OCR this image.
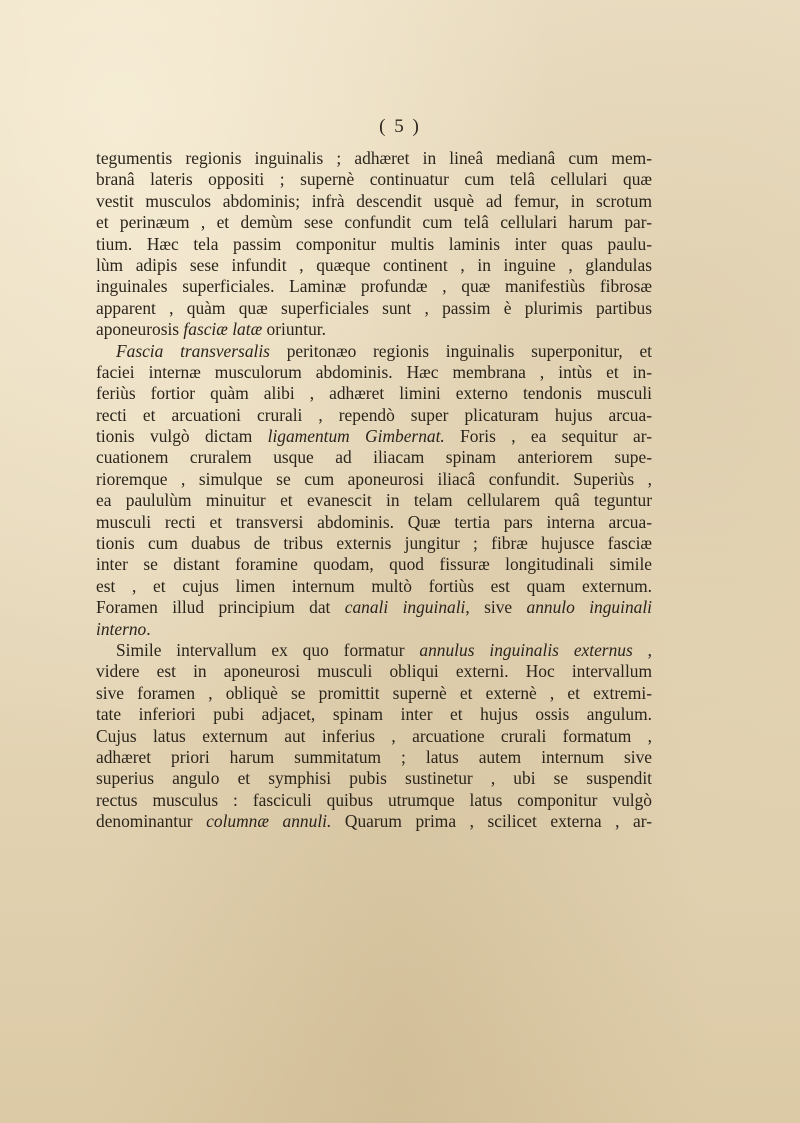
( 5 )
tegumentis regionis inguinalis ; adhæret in lineâ medianâ cum mem-
branâ lateris oppositi ; supernè continuatur cum telâ cellulari quæ
vestit musculos abdominis; infrà descendit usquè ad femur, in scrotum
et perinæum , et demùm sese confundit cum telâ cellulari harum par-
tium. Hæc tela passim componitur multis laminis inter quas paulu-
lùm adipis sese infundit , quæque continent , in inguine , glandulas
inguinales superficiales. Laminæ profundæ , quæ manifestiùs fibrosæ
apparent , quàm quæ superficiales sunt , passim è plurimis partibus
aponeurosis fasciæ latæ oriuntur.
Fascia transversalis peritonæo regionis inguinalis superponitur, et
faciei internæ musculorum abdominis. Hæc membrana , intùs et in-
feriùs fortior quàm alibi , adhæret limini externo tendonis musculi
recti et arcuationi crurali , rependò super plicaturam hujus arcua-
tionis vulgò dictam ligamentum Gimbernat. Foris , ea sequitur ar-
cuationem cruralem usque ad iliacam spinam anteriorem supe-
rioremque , simulque se cum aponeurosi iliacâ confundit. Superiùs ,
ea paululùm minuitur et evanescit in telam cellularem quâ teguntur
musculi recti et transversi abdominis. Quæ tertia pars interna arcua-
tionis cum duabus de tribus externis jungitur ; fibræ hujusce fasciæ
inter se distant foramine quodam, quod fissuræ longitudinali simile
est , et cujus limen internum multò fortiùs est quam externum.
Foramen illud principium dat canali inguinali, sive annulo inguinali
interno.
Simile intervallum ex quo formatur annulus inguinalis externus ,
videre est in aponeurosi musculi obliqui externi. Hoc intervallum
sive foramen , obliquè se promittit supernè et externè , et extremi-
tate inferiori pubi adjacet, spinam inter et hujus ossis angulum.
Cujus latus externum aut inferius , arcuatione crurali formatum ,
adhæret priori harum summitatum ; latus autem internum sive
superius angulo et symphisi pubis sustinetur , ubi se suspendit
rectus musculus : fasciculi quibus utrumque latus componitur vulgò
denominantur columnæ annuli. Quarum prima , scilicet externa , ar-
